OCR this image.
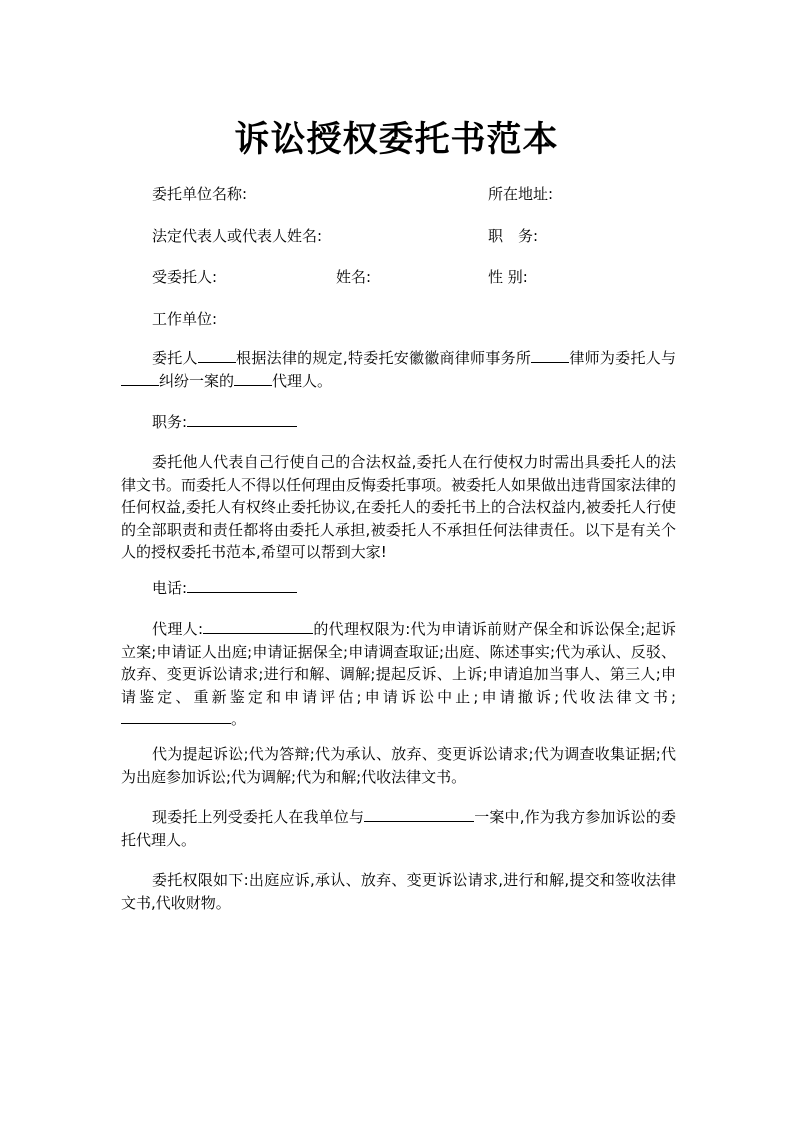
诉讼授权委托书范本
委托单位名称:	所在地址:
法定代表人或代表人姓名:	职　务:
受委托人:	姓名:	性 别:
工作单位:
委托人	根据法律的规定,特委托安徽徽商律师事务所	律师为委托人与纠纷一案的	代理人。
职务:
委托他人代表自己行使自己的合法权益,委托人在行使权力时需出具委托人的法律文书。而委托人不得以任何理由反悔委托事项。被委托人如果做出违背国家法律的任何权益,委托人有权终止委托协议,在委托人的委托书上的合法权益内,被委托人行使的全部职责和责任都将由委托人承担,被委托人不承担任何法律责任。以下是有关个人的授权委托书范本,希望可以帮到大家!
电话:
代理人:	的代理权限为:代为申请诉前财产保全和诉讼保全;起诉立案;申请证人出庭;申请证据保全;申请调查取证;出庭、陈述事实;代为承认、反驳、放弃、变更诉讼请求;进行和解、调解;提起反诉、上诉;申请追加当事人、第三人;申请鉴定、重新鉴定和申请评估;申请诉讼中止;申请撤诉;代收法律文书;。
代为提起诉讼;代为答辩;代为承认、放弃、变更诉讼请求;代为调查收集证据;代为出庭参加诉讼;代为调解;代为和解;代收法律文书。
现委托上列受委托人在我单位与	一案中,作为我方参加诉讼的委托代理人。
委托权限如下:出庭应诉,承认、放弃、变更诉讼请求,进行和解,提交和签收法律文书,代收财物。
